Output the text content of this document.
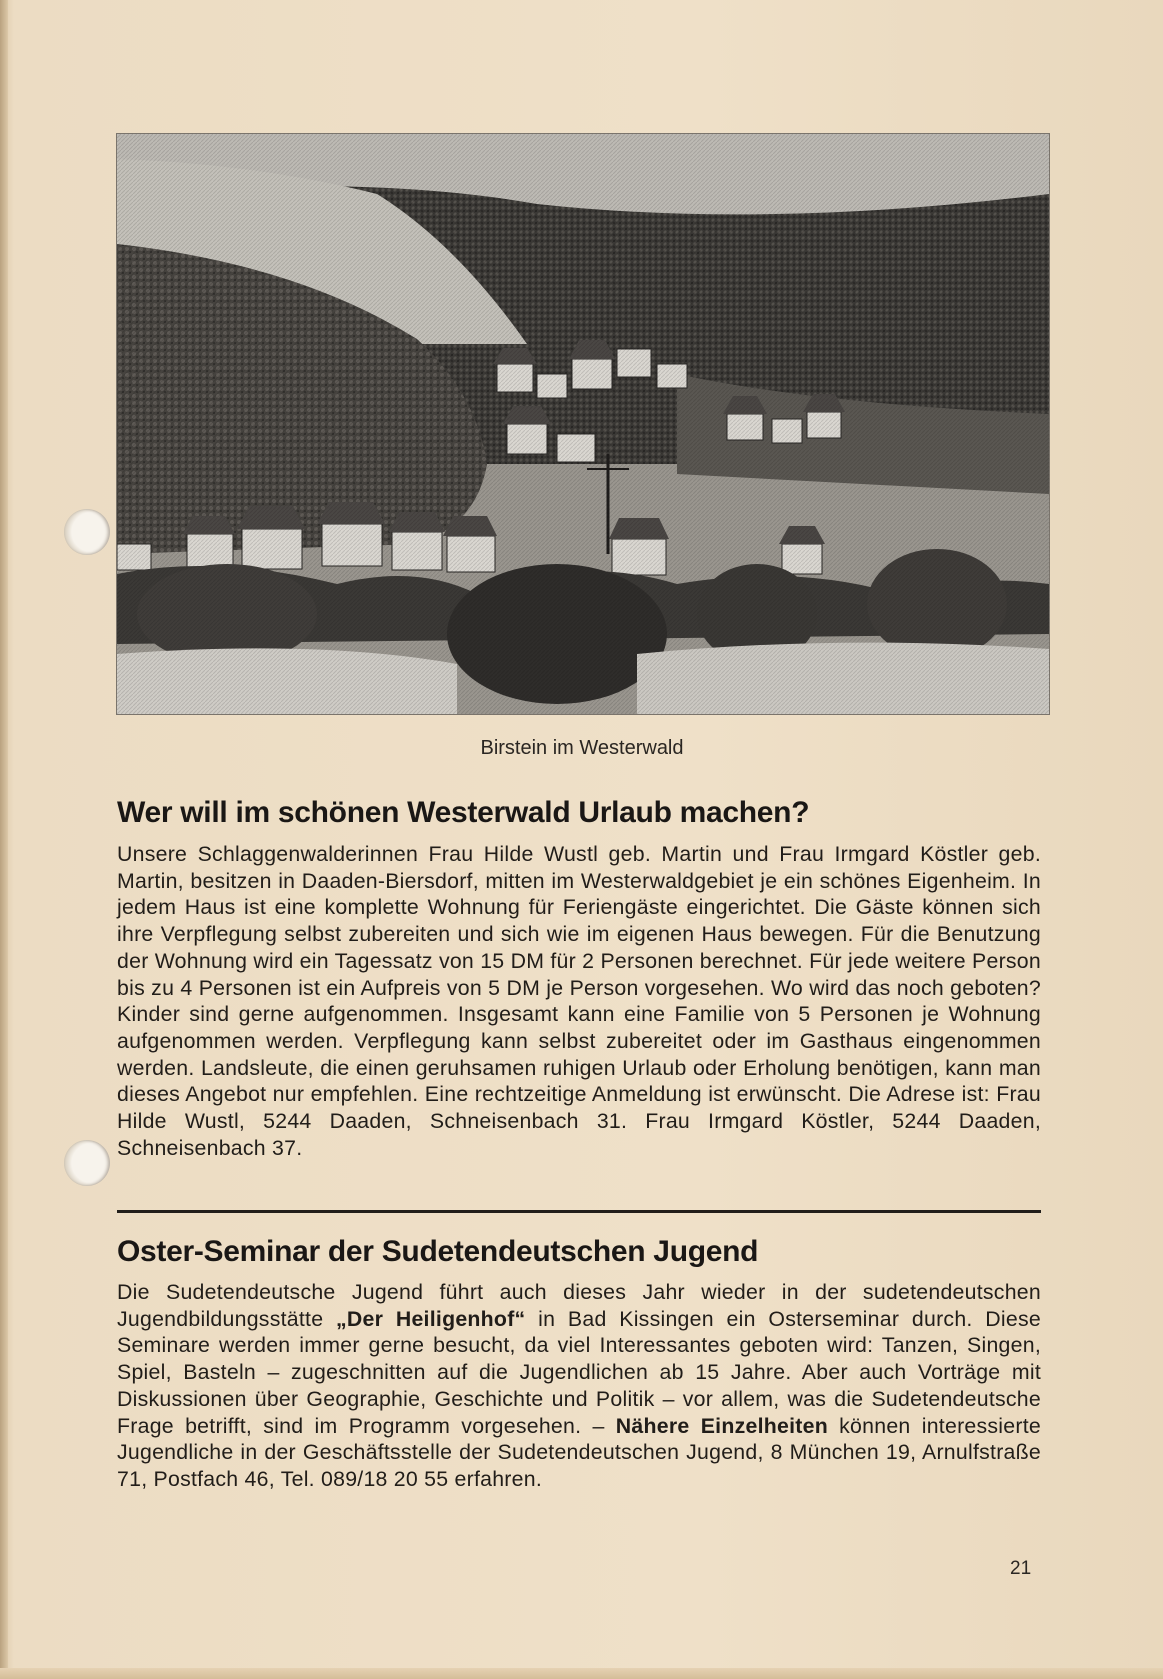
Birstein im Westerwald
Wer will im schönen Westerwald Urlaub machen?

Unsere Schlaggenwalderinnen Frau Hilde Wustl geb. Martin und Frau Irmgard Köstler geb. Martin, besitzen in Daaden-Biersdorf, mitten im Westerwaldgebiet je ein schönes Eigenheim. In jedem Haus ist eine komplette Wohnung für Feriengäste eingerichtet. Die Gäste können sich ihre Verpflegung selbst zubereiten und sich wie im eigenen Haus bewegen. Für die Benutzung der Wohnung wird ein Tagessatz von 15 DM für 2 Personen berechnet. Für jede weitere Person bis zu 4 Personen ist ein Aufpreis von 5 DM je Person vorgesehen. Wo wird das noch geboten? Kinder sind gerne aufgenommen. Insgesamt kann eine Familie von 5 Personen je Wohnung aufgenommen werden. Verpflegung kann selbst zubereitet oder im Gasthaus eingenommen werden. Landsleute, die einen geruhsamen ruhigen Urlaub oder Erholung benötigen, kann man dieses Angebot nur empfehlen. Eine rechtzeitige Anmeldung ist erwünscht. Die Adrese ist: Frau Hilde Wustl, 5244 Daaden, Schneisenbach 31. Frau Irmgard Köstler, 5244 Daaden, Schneisenbach 37.

Oster-Seminar der Sudetendeutschen Jugend

Die Sudetendeutsche Jugend führt auch dieses Jahr wieder in der sudetendeutschen Jugendbildungsstätte „Der Heiligenhof“ in Bad Kissingen ein Osterseminar durch. Diese Seminare werden immer gerne besucht, da viel Interessantes geboten wird: Tanzen, Singen, Spiel, Basteln – zugeschnitten auf die Jugendlichen ab 15 Jahre. Aber auch Vorträge mit Diskussionen über Geographie, Geschichte und Politik – vor allem, was die Sudetendeutsche Frage betrifft, sind im Programm vorgesehen. – Nähere Einzelheiten können interessierte Jugendliche in der Geschäftsstelle der Sudetendeutschen Jugend, 8 München 19, Arnulfstraße 71, Postfach 46, Tel. 089/18 20 55 erfahren.

21
